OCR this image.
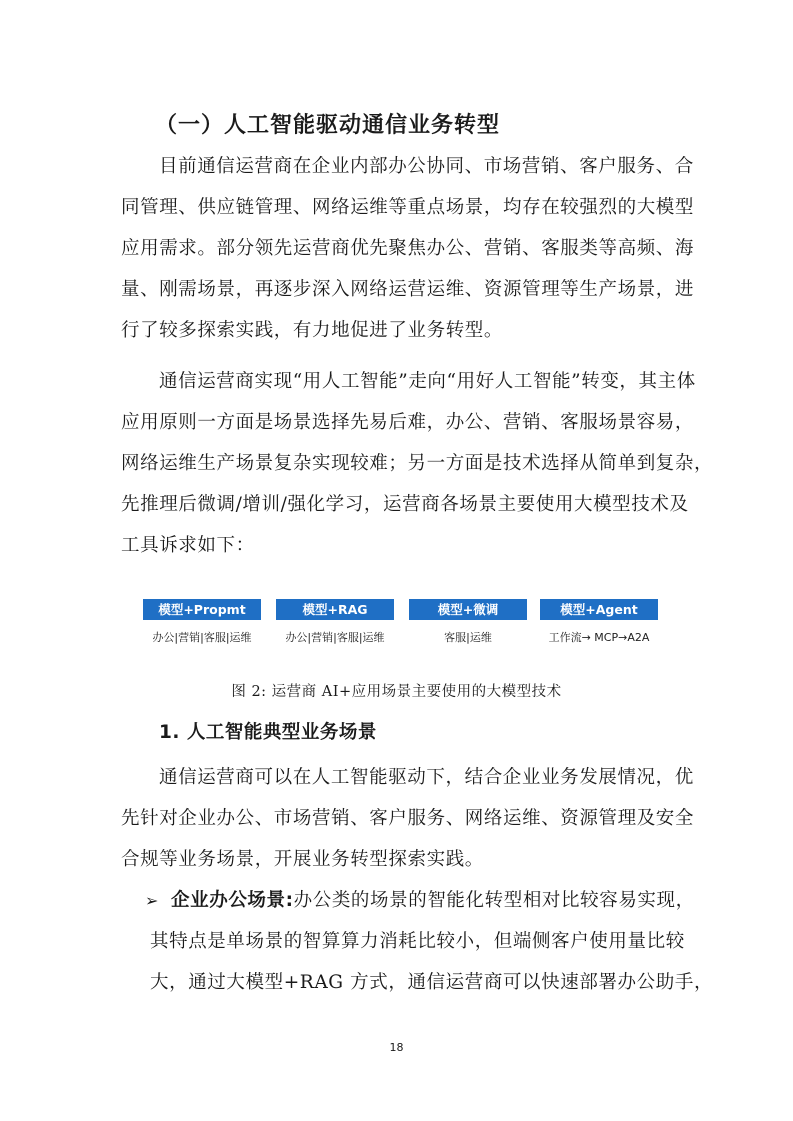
（一）人工智能驱动通信业务转型

目前通信运营商在企业内部办公协同、市场营销、客户服务、合
同管理、供应链管理、网络运维等重点场景，均存在较强烈的大模型
应用需求。部分领先运营商优先聚焦办公、营销、客服类等高频、海
量、刚需场景，再逐步深入网络运营运维、资源管理等生产场景，进
行了较多探索实践，有力地促进了业务转型。

通信运营商实现“用人工智能”走向“用好人工智能”转变，其主体
应用原则一方面是场景选择先易后难，办公、营销、客服场景容易，
网络运维生产场景复杂实现较难；另一方面是技术选择从简单到复杂，
先推理后微调/增训/强化学习，运营商各场景主要使用大模型技术及
工具诉求如下：

模型+Propmt
办公|营销|客服|运维
模型+RAG
办公|营销|客服|运维
模型+微调
客服|运维
模型+Agent
工作流→ MCP→A2A

图 2: 运营商 AI+应用场景主要使用的大模型技术

1. 人工智能典型业务场景

通信运营商可以在人工智能驱动下，结合企业业务发展情况，优
先针对企业办公、市场营销、客户服务、网络运维、资源管理及安全
合规等业务场景，开展业务转型探索实践。

➢ 企业办公场景:办公类的场景的智能化转型相对比较容易实现，
其特点是单场景的智算算力消耗比较小，但端侧客户使用量比较
大，通过大模型+RAG 方式，通信运营商可以快速部署办公助手，

18
